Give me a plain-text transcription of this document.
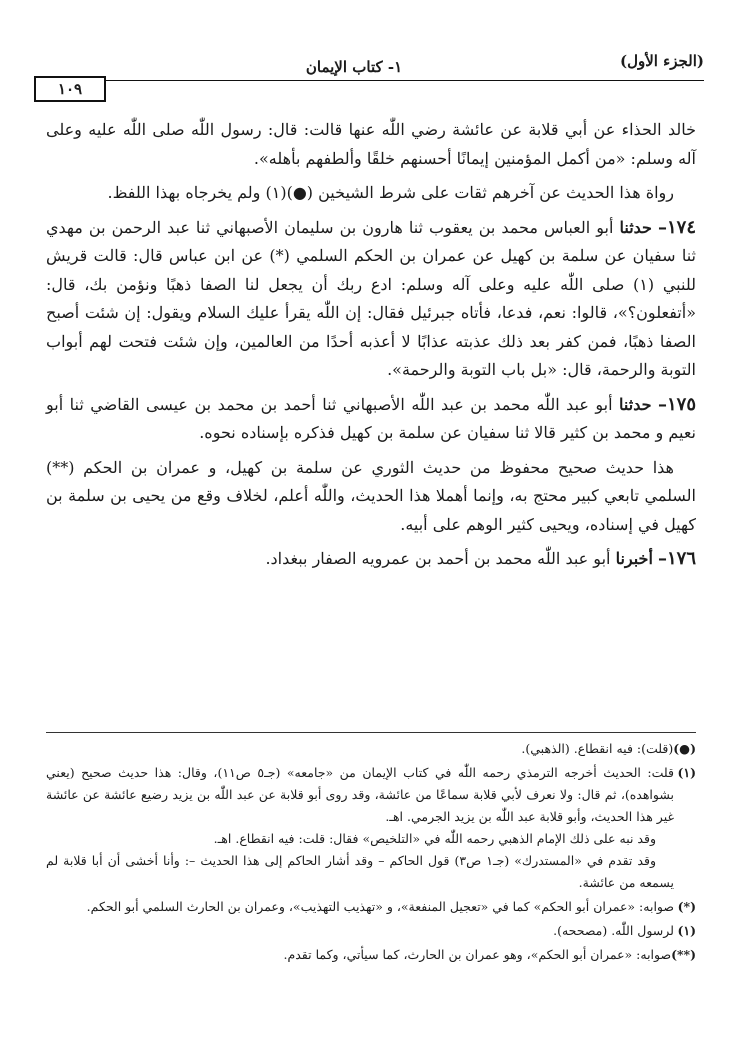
(الجزء الأول)
١- كتاب الإيمان
١٠٩

خالد الحذاء عن أبي قلابة عن عائشة رضي اللّٰه عنها قالت: قال: رسول اللّٰه صلى اللّٰه عليه وعلى آله وسلم: «من أكمل المؤمنين إيمانًا أحسنهم خلقًا وألطفهم بأهله».

رواة هذا الحديث عن آخرهم ثقات على شرط الشيخين (●)(١) ولم يخرجاه بهذا اللفظ.

١٧٤– حدثنا أبو العباس محمد بن يعقوب ثنا هارون بن سليمان الأصبهاني ثنا عبد الرحمن بن مهدي ثنا سفيان عن سلمة بن كهيل عن عمران بن الحكم السلمي (*) عن ابن عباس قال: قالت قريش للنبي (١) صلى اللّٰه عليه وعلى آله وسلم: ادع ربك أن يجعل لنا الصفا ذهبًا ونؤمن بك، قال: «أتفعلون؟»، قالوا: نعم، فدعا، فأتاه جبرئيل فقال: إن اللّٰه يقرأ عليك السلام ويقول: إن شئت أصبح الصفا ذهبًا، فمن كفر بعد ذلك عذبته عذابًا لا أعذبه أحدًا من العالمين، وإن شئت فتحت لهم أبواب التوبة والرحمة، قال: «بل باب التوبة والرحمة».

١٧٥– حدثنا أبو عبد اللّٰه محمد بن عبد اللّٰه الأصبهاني ثنا أحمد بن محمد بن عيسى القاضي ثنا أبو نعيم و محمد بن كثير قالا ثنا سفيان عن سلمة بن كهيل فذكره بإسناده نحوه.

هذا حديث صحيح محفوظ من حديث الثوري عن سلمة بن كهيل، و عمران بن الحكم (**) السلمي تابعي كبير محتج به، وإنما أهملا هذا الحديث، واللّٰه أعلم، لخلاف وقع من يحيى بن سلمة بن كهيل في إسناده، ويحيى كثير الوهم على أبيه.

١٧٦– أخبرنا أبو عبد اللّٰه محمد بن أحمد بن عمرويه الصفار ببغداد.

(●)

(قلت): فيه انقطاع. (الذهبي).

(١)

قلت: الحديث أخرجه الترمذي رحمه اللّٰه في كتاب الإيمان من «جامعه» (جـ٥ ص١١)، وقال: هذا حديث صحيح (يعني بشواهده)، ثم قال: ولا نعرف لأبي قلابة سماعًا من عائشة، وقد روى أبو قلابة عن عبد اللّٰه بن يزيد رضيع عائشة عن عائشة غير هذا الحديث، وأبو قلابة عبد اللّٰه بن يزيد الجرمي. اهـ.

وقد نبه على ذلك الإمام الذهبي رحمه اللّٰه في «التلخيص» فقال: قلت: فيه انقطاع. اهـ.

وقد تقدم في «المستدرك» (جـ١ ص٣) قول الحاكم – وقد أشار الحاكم إلى هذا الحديث –: وأنا أخشى أن أبا قلابة لم يسمعه من عائشة.

(*)

صوابه: «عمران أبو الحكم» كما في «تعجيل المنفعة»، و «تهذيب التهذيب»، وعمران بن الحارث السلمي أبو الحكم.

(١)

لرسول اللّٰه. (مصححه).

(**)

صوابه: «عمران أبو الحكم»، وهو عمران بن الحارث، كما سيأتي، وكما تقدم.
